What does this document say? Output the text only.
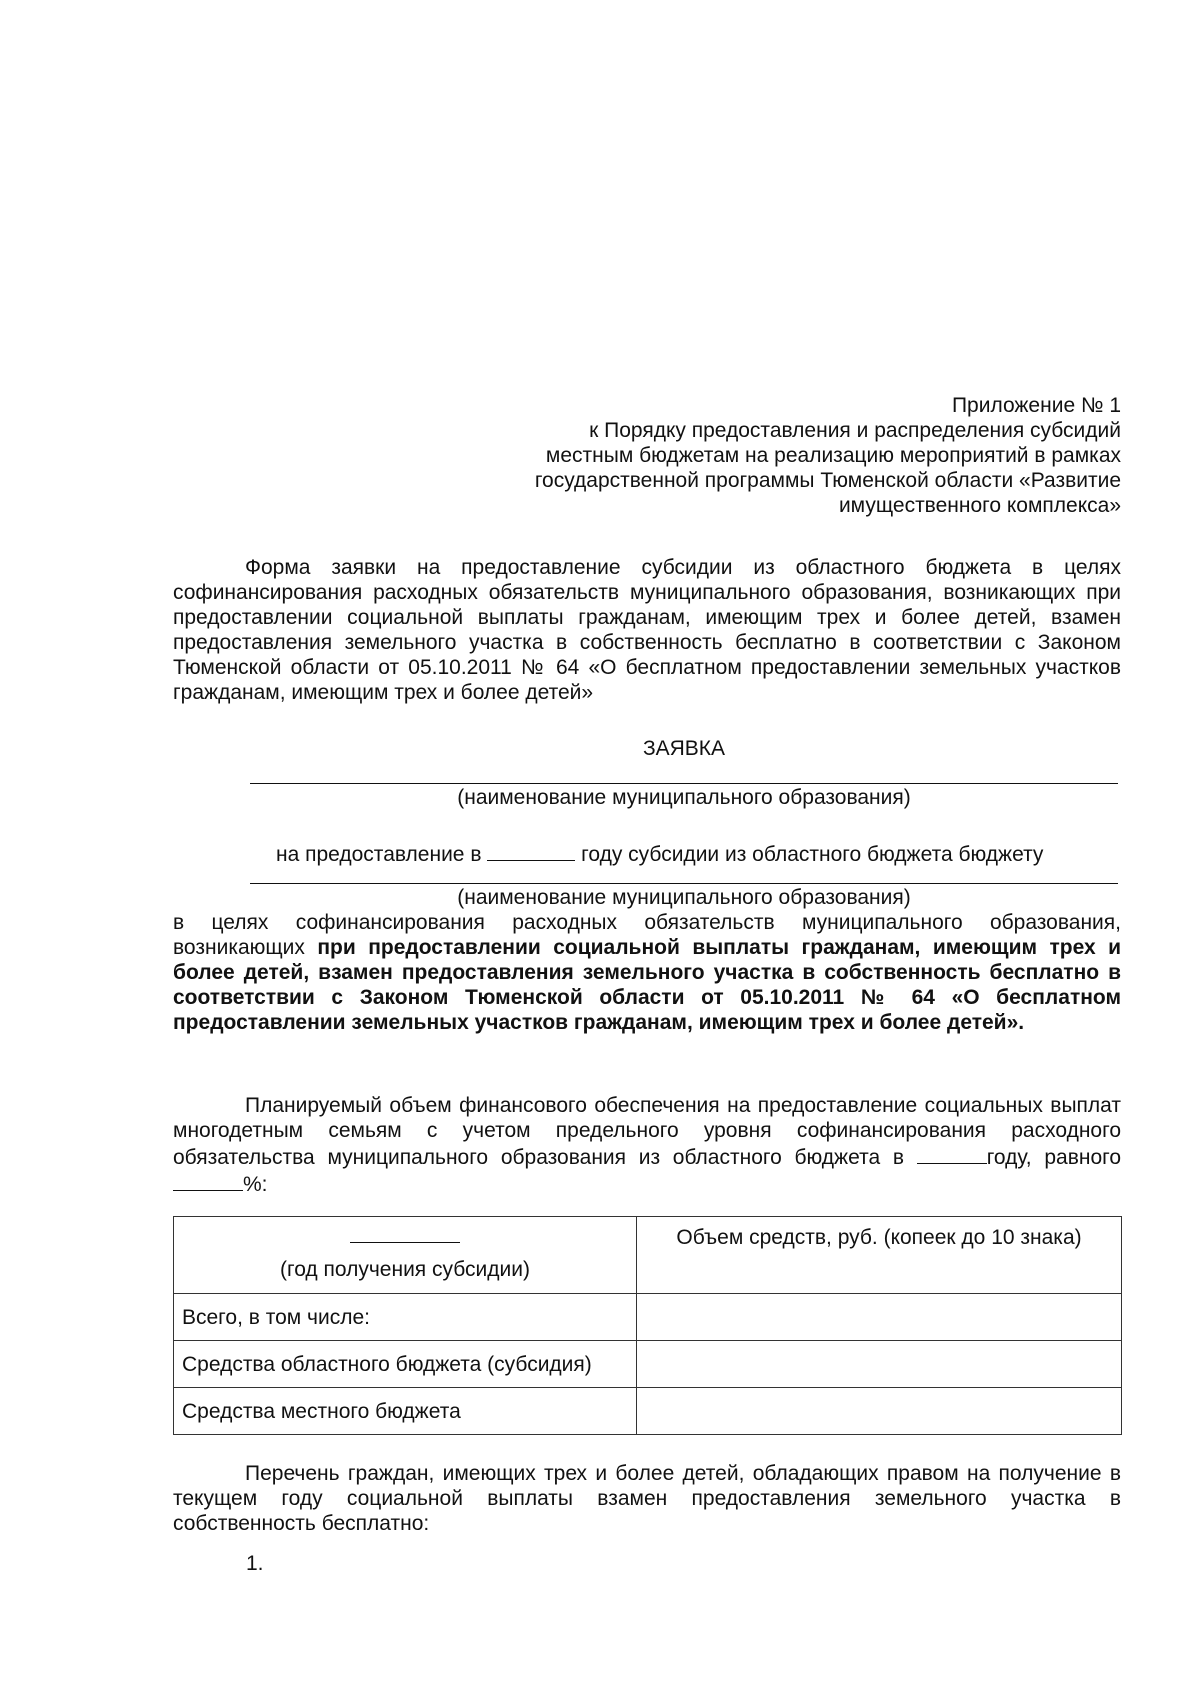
Приложение № 1
к Порядку предоставления и распределения субсидий
местным бюджетам на реализацию мероприятий в рамках
государственной программы Тюменской области «Развитие
имущественного комплекса»
Форма заявки на предоставление субсидии из областного бюджета в целях софинансирования расходных обязательств муниципального образования, возникающих при предоставлении социальной выплаты гражданам, имеющим трех и более детей, взамен предоставления земельного участка в собственность бесплатно в соответствии с Законом Тюменской области от 05.10.2011 № 64 «О бесплатном предоставлении земельных участков гражданам, имеющим трех и более детей»
ЗАЯВКА
(наименование муниципального образования)
на предоставление в	году субсидии из областного бюджета бюджету
(наименование муниципального образования)
в целях софинансирования расходных обязательств муниципального образования, возникающих при предоставлении социальной выплаты гражданам, имеющим трех и более детей, взамен предоставления земельного участка в собственность бесплатно в соответствии с Законом Тюменской области от 05.10.2011 № 64 «О бесплатном предоставлении земельных участков гражданам, имеющим трех и более детей».
Планируемый объем финансового обеспечения на предоставление социальных выплат многодетным семьям с учетом предельного уровня софинансирования расходного обязательства муниципального образования из областного бюджета в	году, равного %:
(год получения субсидии)	Объем средств, руб. (копеек до 10 знака)
Всего, в том числе:	
Средства областного бюджета (субсидия)	
Средства местного бюджета	
Перечень граждан, имеющих трех и более детей, обладающих правом на получение в текущем году социальной выплаты взамен предоставления земельного участка в собственность бесплатно:
1.
